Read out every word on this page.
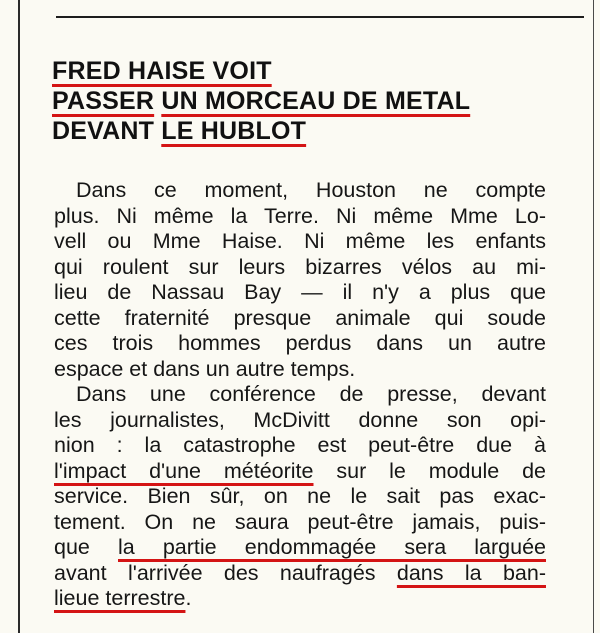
FRED HAISE VOIT
PASSER UN MORCEAU DE METAL
DEVANT LE HUBLOT
Dans ce moment, Houston ne compte
plus. Ni même la Terre. Ni même Mme Lo-
vell ou Mme Haise. Ni même les enfants
qui roulent sur leurs bizarres vélos au mi-
lieu de Nassau Bay — il n'y a plus que
cette fraternité presque animale qui soude
ces trois hommes perdus dans un autre
espace et dans un autre temps.
Dans une conférence de presse, devant
les journalistes, McDivitt donne son opi-
nion : la catastrophe est peut-être due à
l'impact d'une météorite sur le module de
service. Bien sûr, on ne le sait pas exac-
tement. On ne saura peut-être jamais, puis-
que la partie endommagée sera larguée
avant l'arrivée des naufragés dans la ban-
lieue terrestre.
